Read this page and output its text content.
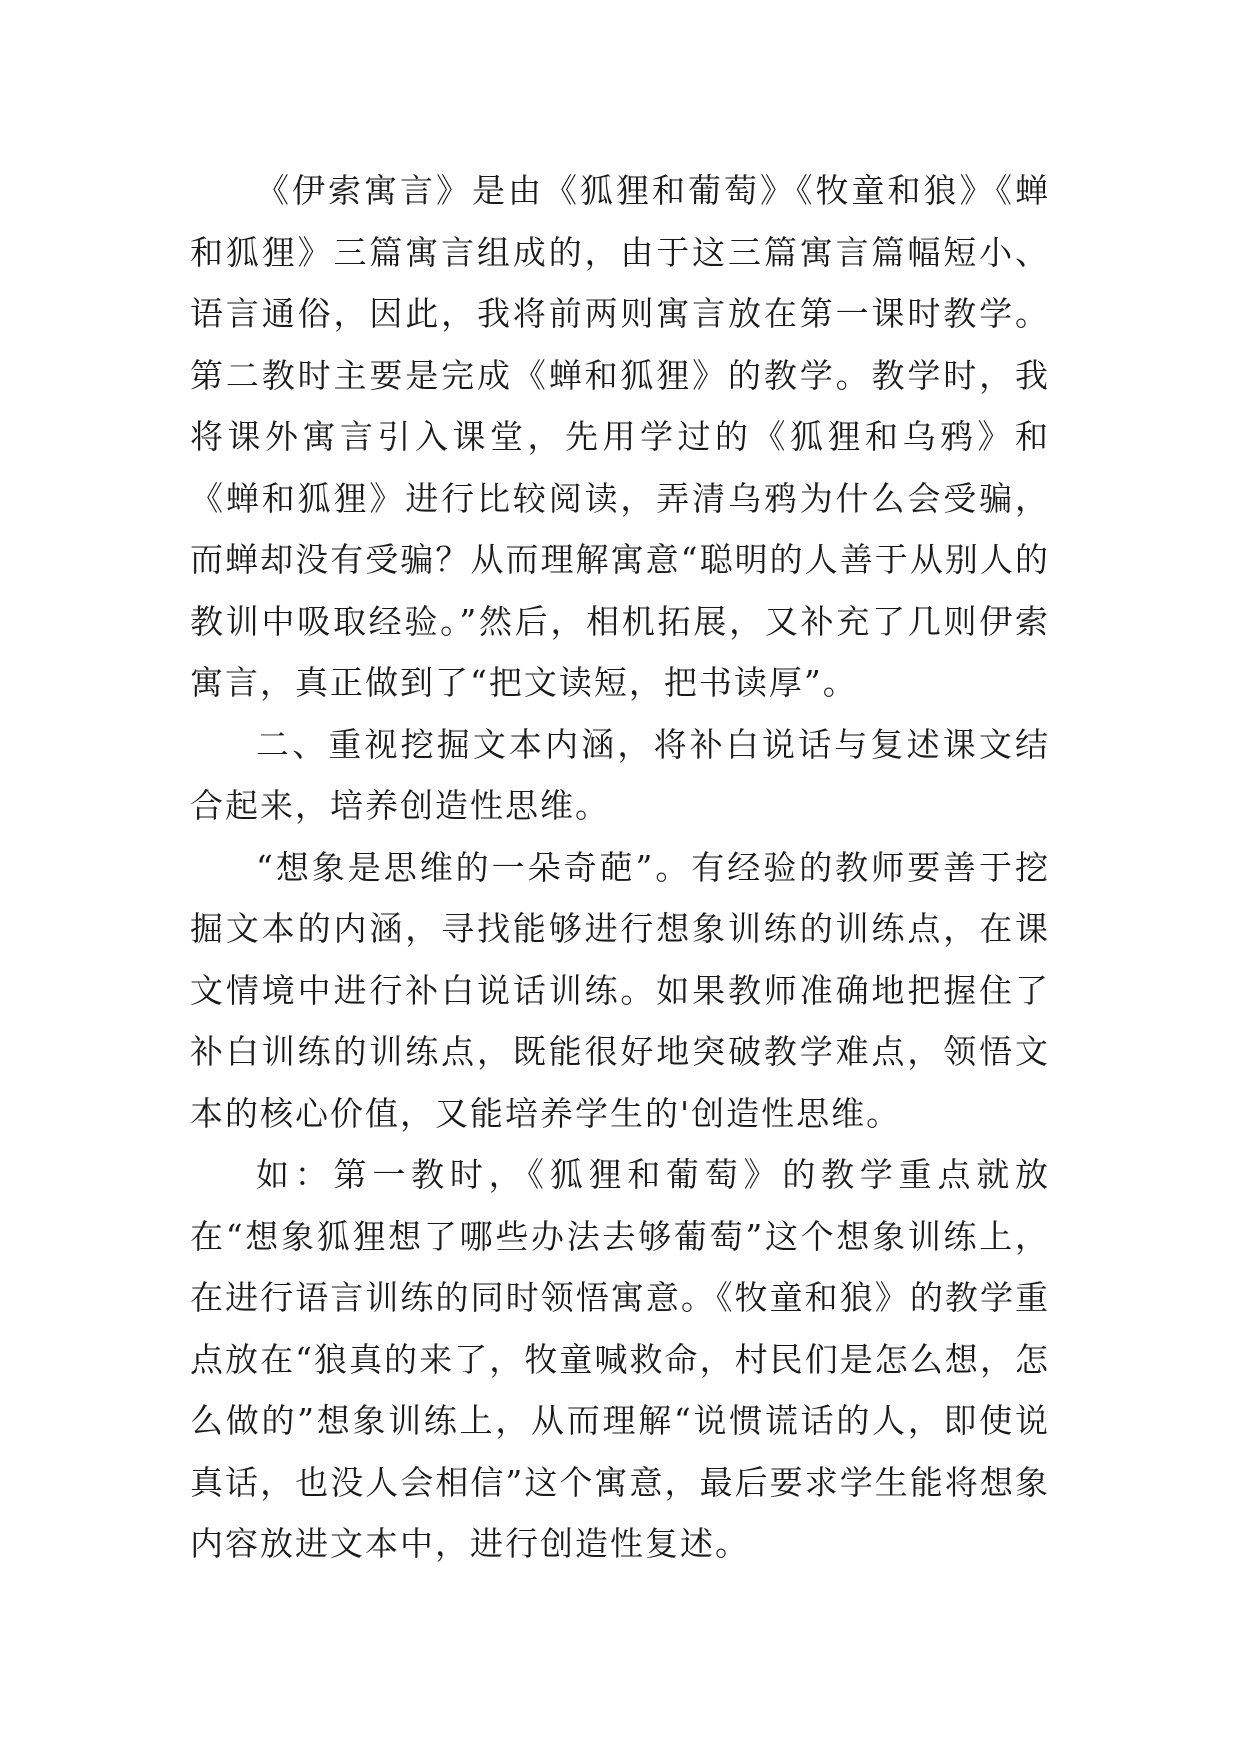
《伊索寓言》是由《狐狸和葡萄》《牧童和狼》《蝉和狐狸》三篇寓言组成的，由于这三篇寓言篇幅短小、语言通俗，因此，我将前两则寓言放在第一课时教学。第二教时主要是完成《蝉和狐狸》的教学。教学时，我将课外寓言引入课堂，先用学过的《狐狸和乌鸦》和《蝉和狐狸》进行比较阅读，弄清乌鸦为什么会受骗，而蝉却没有受骗？从而理解寓意“聪明的人善于从别人的教训中吸取经验。”然后，相机拓展，又补充了几则伊索寓言，真正做到了“把文读短，把书读厚”。

二、重视挖掘文本内涵，将补白说话与复述课文结合起来，培养创造性思维。

“想象是思维的一朵奇葩”。有经验的教师要善于挖掘文本的内涵，寻找能够进行想象训练的训练点，在课文情境中进行补白说话训练。如果教师准确地把握住了补白训练的训练点，既能很好地突破教学难点，领悟文本的核心价值，又能培养学生的'创造性思维。

如：第一教时，《狐狸和葡萄》的教学重点就放在“想象狐狸想了哪些办法去够葡萄”这个想象训练上，在进行语言训练的同时领悟寓意。《牧童和狼》的教学重点放在“狼真的来了，牧童喊救命，村民们是怎么想，怎么做的”想象训练上，从而理解“说惯谎话的人，即使说真话，也没人会相信”这个寓意，最后要求学生能将想象内容放进文本中，进行创造性复述。
